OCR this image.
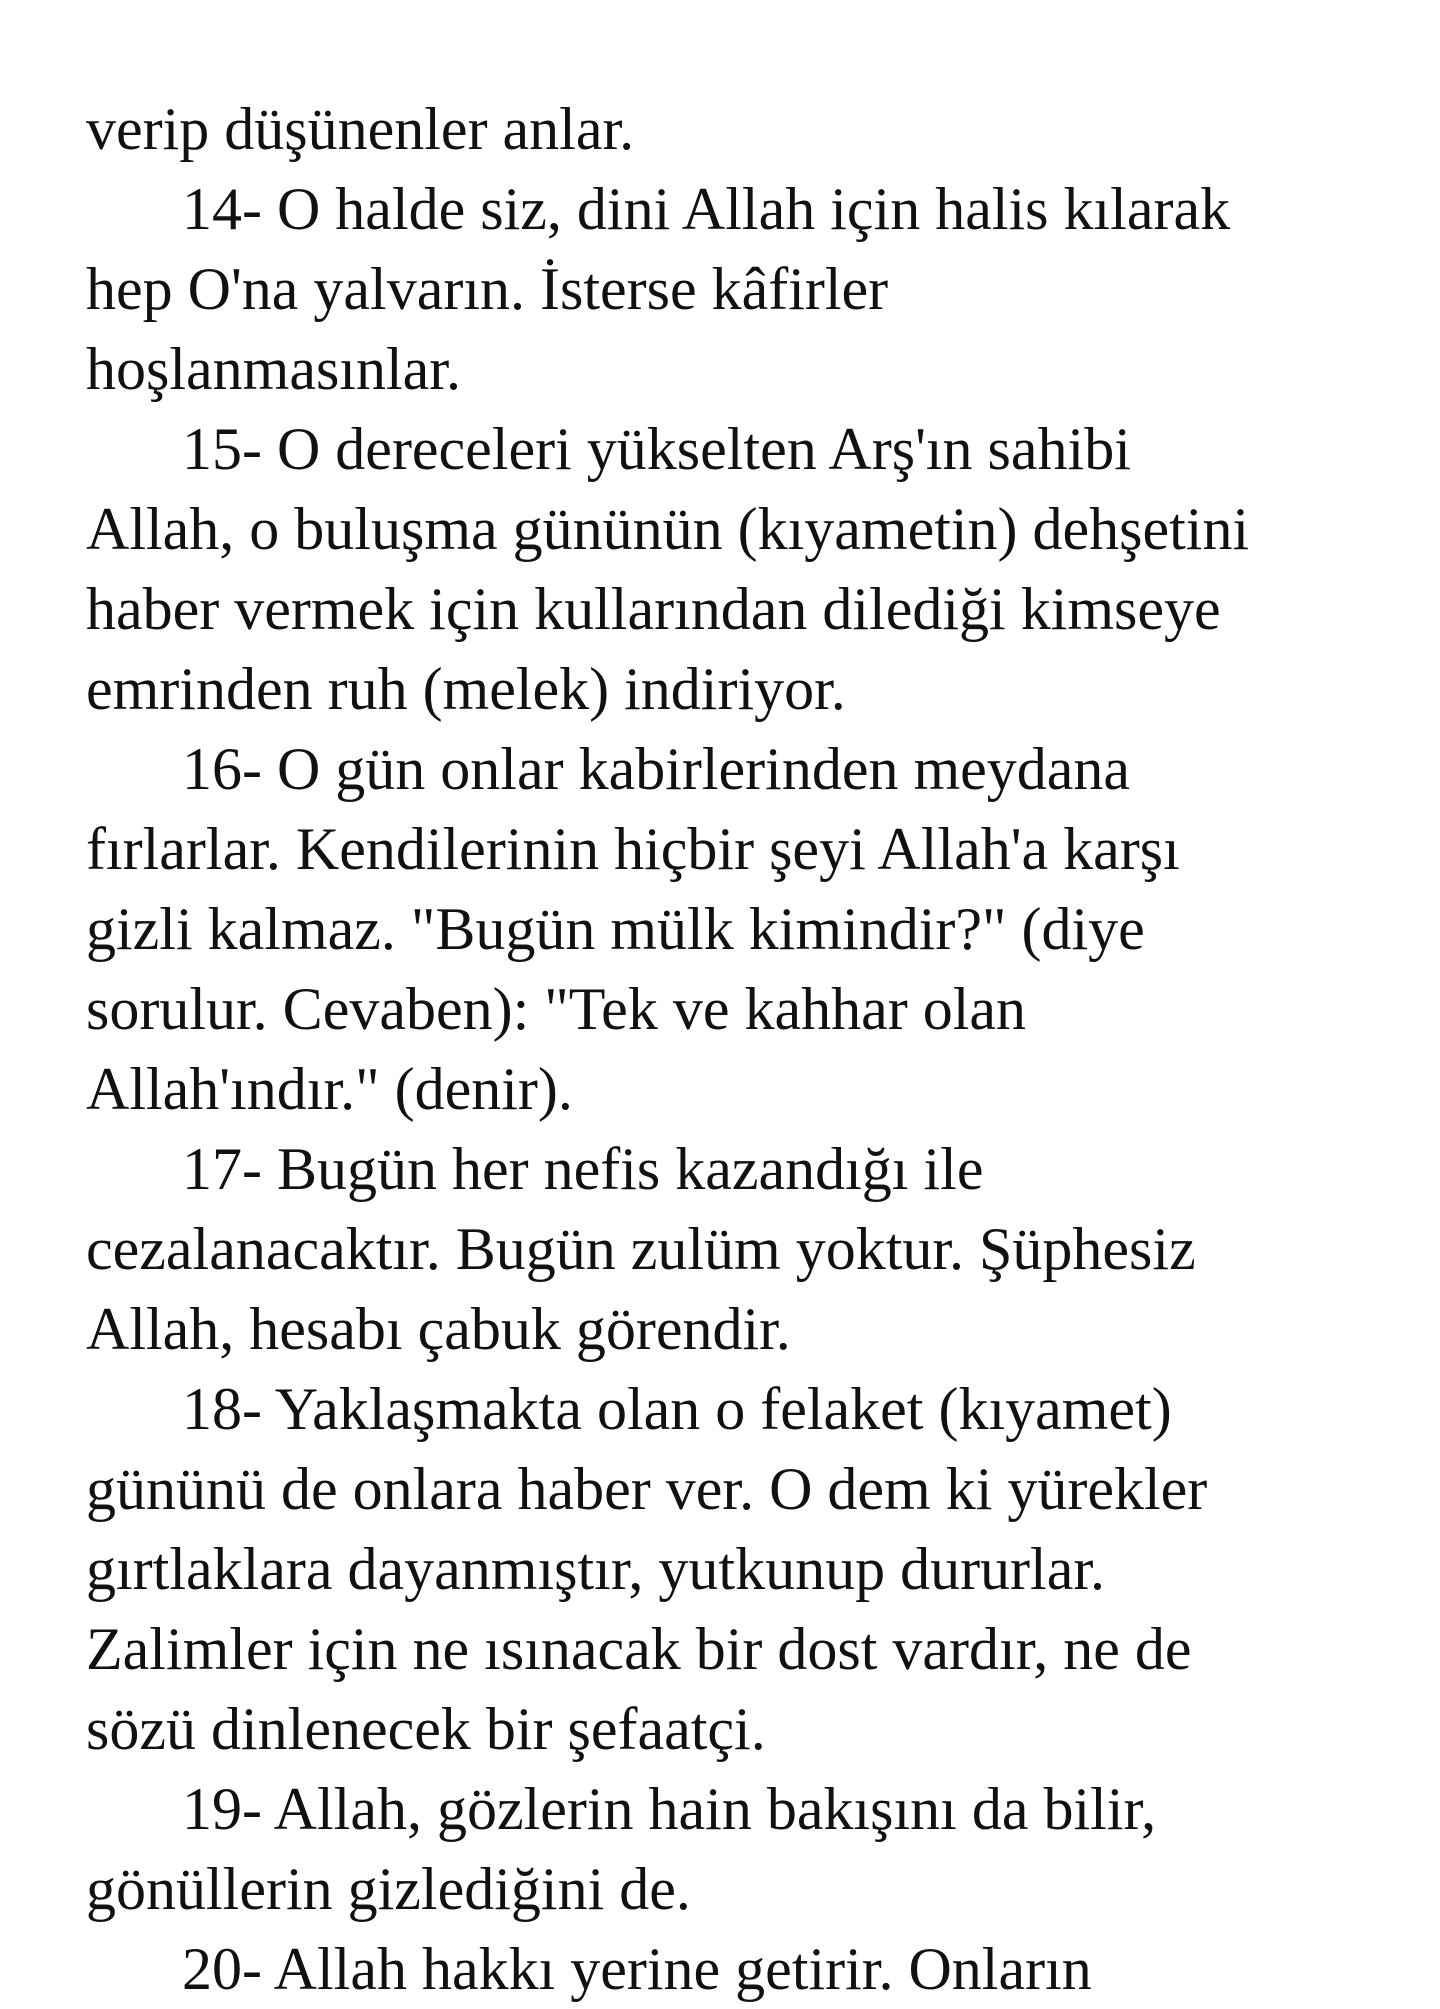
verip düşünenler anlar.
14- O halde siz, dini Allah için halis kılarak
hep O'na yalvarın. İsterse kâfirler
hoşlanmasınlar.
15- O dereceleri yükselten Arş'ın sahibi
Allah, o buluşma gününün (kıyametin) dehşetini
haber vermek için kullarından dilediği kimseye
emrinden ruh (melek) indiriyor.
16- O gün onlar kabirlerinden meydana
fırlarlar. Kendilerinin hiçbir şeyi Allah'a karşı
gizli kalmaz. "Bugün mülk kimindir?" (diye
sorulur. Cevaben): "Tek ve kahhar olan
Allah'ındır." (denir).
17- Bugün her nefis kazandığı ile
cezalanacaktır. Bugün zulüm yoktur. Şüphesiz
Allah, hesabı çabuk görendir.
18- Yaklaşmakta olan o felaket (kıyamet)
gününü de onlara haber ver. O dem ki yürekler
gırtlaklara dayanmıştır, yutkunup dururlar.
Zalimler için ne ısınacak bir dost vardır, ne de
sözü dinlenecek bir şefaatçi.
19- Allah, gözlerin hain bakışını da bilir,
gönüllerin gizlediğini de.
20- Allah hakkı yerine getirir. Onların
